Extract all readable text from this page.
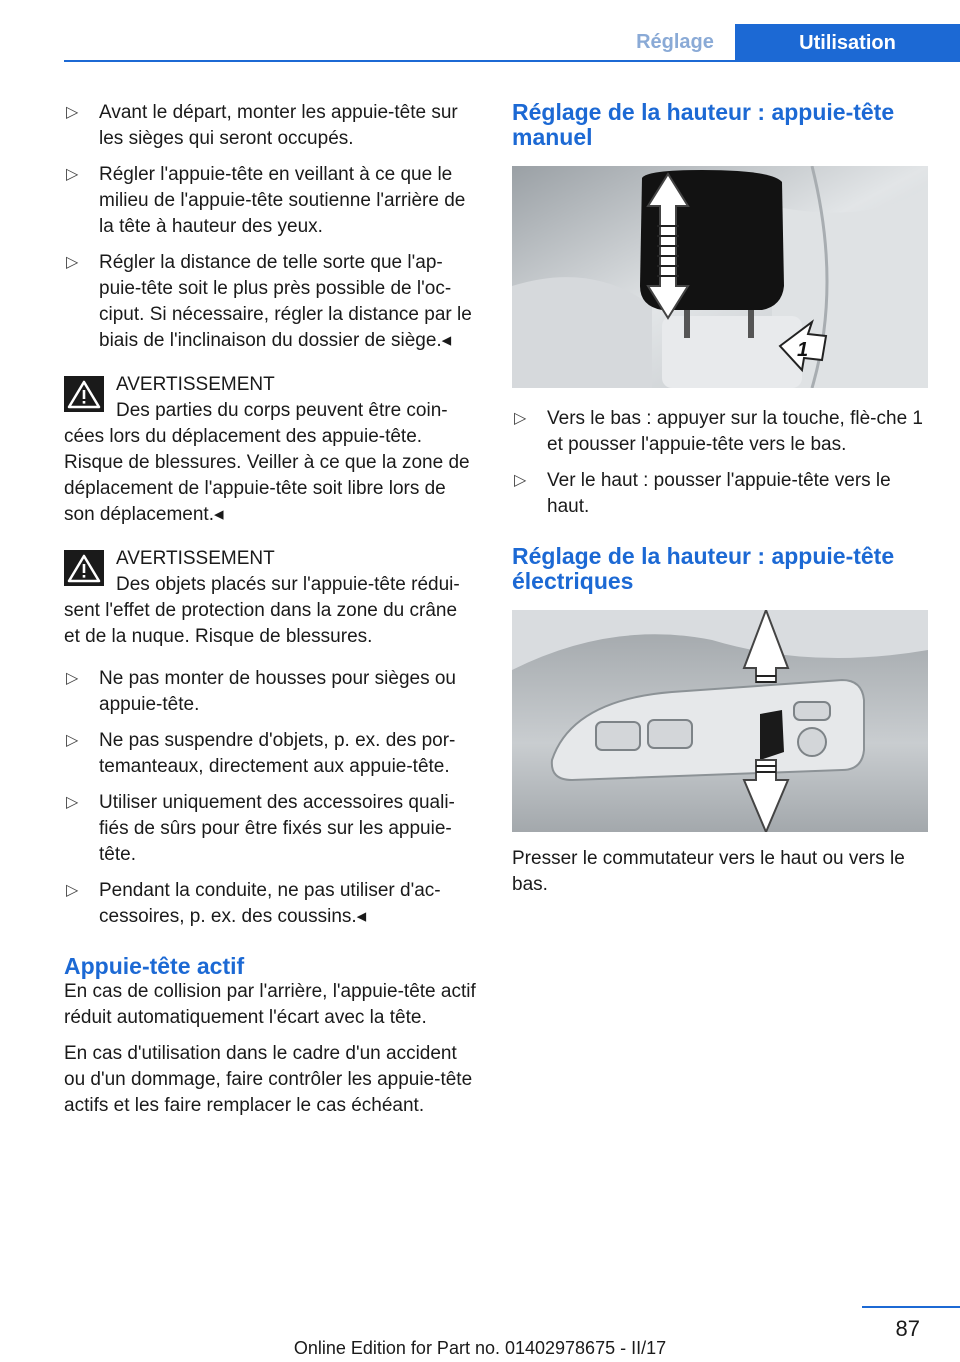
Réglage	Utilisation
▷ Avant le départ, monter les appuie-tête sur les sièges qui seront occupés.
▷ Régler l'appuie-tête en veillant à ce que le milieu de l'appuie-tête soutienne l'arrière de la tête à hauteur des yeux.
▷ Régler la distance de telle sorte que l'ap‐puie-tête soit le plus près possible de l'oc‐ciput. Si nécessaire, régler la distance par le biais de l'inclinaison du dossier de siège.◂
AVERTISSEMENT
Des parties du corps peuvent être coin‐
cées lors du déplacement des appuie-tête. Risque de blessures. Veiller à ce que la zone de déplacement de l'appuie-tête soit libre lors de son déplacement.◂
AVERTISSEMENT
Des objets placés sur l'appuie-tête rédui‐
sent l'effet de protection dans la zone du crâne et de la nuque. Risque de blessures.
▷ Ne pas monter de housses pour sièges ou appuie-tête.
▷ Ne pas suspendre d'objets, p. ex. des por‐temanteaux, directement aux appuie-tête.
▷ Utiliser uniquement des accessoires quali‐fiés de sûrs pour être fixés sur les appuie-tête.
▷ Pendant la conduite, ne pas utiliser d'ac‐cessoires, p. ex. des coussins.◂
Appuie-tête actif

En cas de collision par l'arrière, l'appuie-tête actif réduit automatiquement l'écart avec la tête.

En cas d'utilisation dans le cadre d'un accident ou d'un dommage, faire contrôler les appuie-tête actifs et les faire remplacer le cas échéant.

Réglage de la hauteur : appuie-tête manuel
1
▷ Vers le bas : appuyer sur la touche, flè‐che 1 et pousser l'appuie-tête vers le bas.
▷ Ver le haut : pousser l'appuie-tête vers le haut.
Réglage de la hauteur : appuie-tête électriques

Presser le commutateur vers le haut ou vers le bas.

87
Online Edition for Part no. 01402978675 - II/17
